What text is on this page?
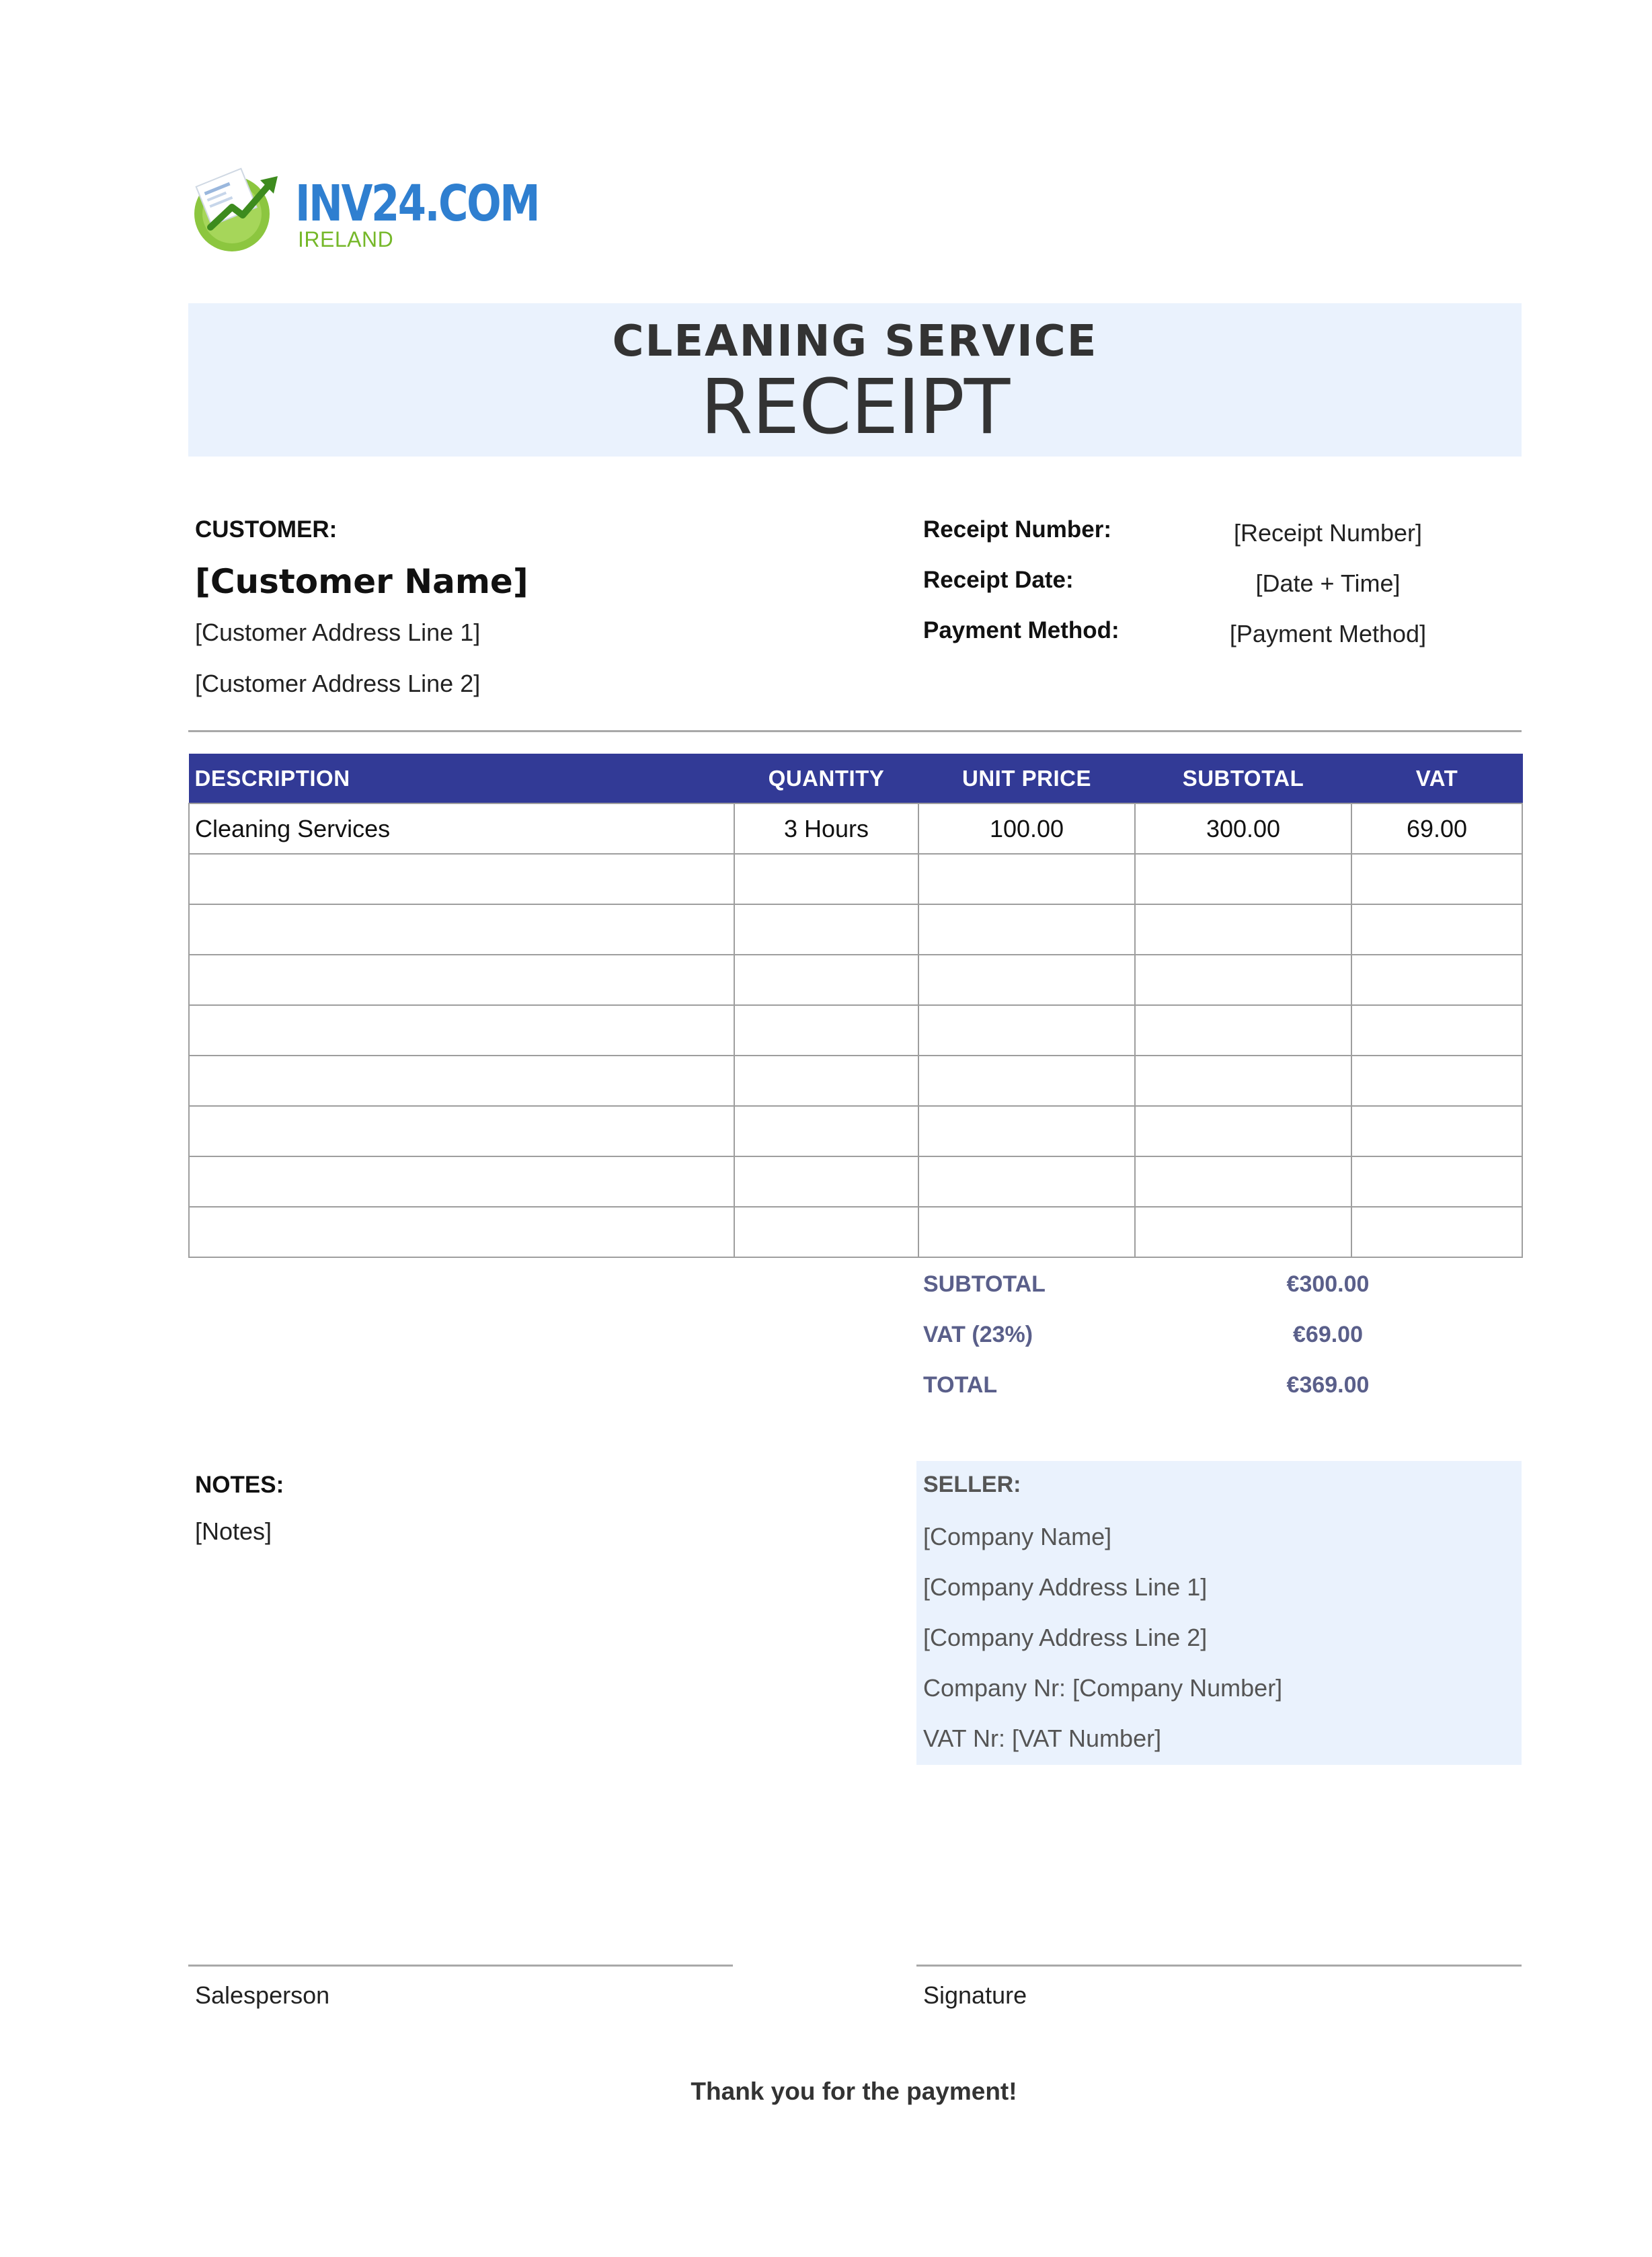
INV24.COM
IRELAND
CLEANING SERVICE
RECEIPT
CUSTOMER:
[Customer Name]
[Customer Address Line 1]
[Customer Address Line 2]
Receipt Number:	[Receipt Number]
Receipt Date:	[Date + Time]
Payment Method:	[Payment Method]
DESCRIPTION	QUANTITY	UNIT PRICE	SUBTOTAL	VAT
Cleaning Services	3 Hours	100.00	300.00	69.00

SUBTOTAL	€300.00
VAT (23%)	€69.00
TOTAL	€369.00
NOTES:
[Notes]
SELLER:
[Company Name]
[Company Address Line 1]
[Company Address Line 2]
Company Nr: [Company Number]
VAT Nr: [VAT Number]
Salesperson	Signature
Thank you for the payment!
